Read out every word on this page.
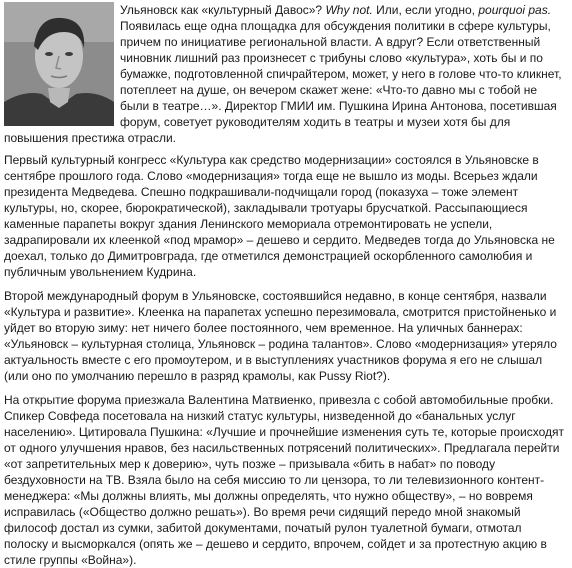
Ульяновск как «культурный Давос»? Why not. Или, если угодно, pourquoi pas. Появилась еще одна площадка для обсуждения политики в сфере культуры, причем по инициативе региональной власти. А вдруг? Если ответственный чиновник лишний раз произнесет с трибуны слово «культура», хоть бы и по бумажке, подготовленной спичрайтером, может, у него в голове что-то кликнет, потеплеет на душе, он вечером скажет жене: «Что-то давно мы с тобой не были в театре…». Директор ГМИИ им. Пушкина Ирина Антонова, посетившая форум, советует руководителям ходить в театры и музеи хотя бы для повышения престижа отрасли.

Первый культурный конгресс «Культура как средство модернизации» состоялся в Ульяновске в сентябре прошлого года. Слово «модернизация» тогда еще не вышло из моды. Всерьез ждали президента Медведева. Спешно подкрашивали-подчищали город (показуха – тоже элемент культуры, но, скорее, бюрократической), закладывали тротуары брусчаткой. Рассыпающиеся каменные парапеты вокруг здания Ленинского мемориала отремонтировать не успели, задрапировали их клеенкой «под мрамор» – дешево и сердито. Медведев тогда до Ульяновска не доехал, только до Димитровграда, где отметился демонстрацией оскорбленного самолюбия и публичным увольнением Кудрина.

Второй международный форум в Ульяновске, состоявшийся недавно, в конце сентября, назвали «Культура и развитие». Клеенка на парапетах успешно перезимовала, смотрится пристойненько и уйдет во вторую зиму: нет ничего более постоянного, чем временное. На уличных баннерах: «Ульяновск – культурная столица, Ульяновск – родина талантов». Слово «модернизация» утеряло актуальность вместе с его промоутером, и в выступлениях участников форума я его не слышал (или оно по умолчанию перешло в разряд крамолы, как Pussy Riot?).

На открытие форума приезжала Валентина Матвиенко, привезла с собой автомобильные пробки. Спикер Совфеда посетовала на низкий статус культуры, низведенной до «банальных услуг населению». Цитировала Пушкина: «Лучшие и прочнейшие изменения суть те, которые происходят от одного улучшения нравов, без насильственных потрясений политических». Предлагала перейти «от запретительных мер к доверию», чуть позже – призывала «бить в набат» по поводу бездуховности на ТВ. Взяла было на себя миссию то ли цензора, то ли телевизионного контент-менеджера: «Мы должны влиять, мы должны определять, что нужно обществу», – но вовремя исправилась («Общество должно решать»). Во время речи сидящий передо мной знакомый философ достал из сумки, забитой документами, початый рулон туалетной бумаги, отмотал полоску и высморкался (опять же – дешево и сердито, впрочем, сойдет и за протестную акцию в стиле группы «Война»).
